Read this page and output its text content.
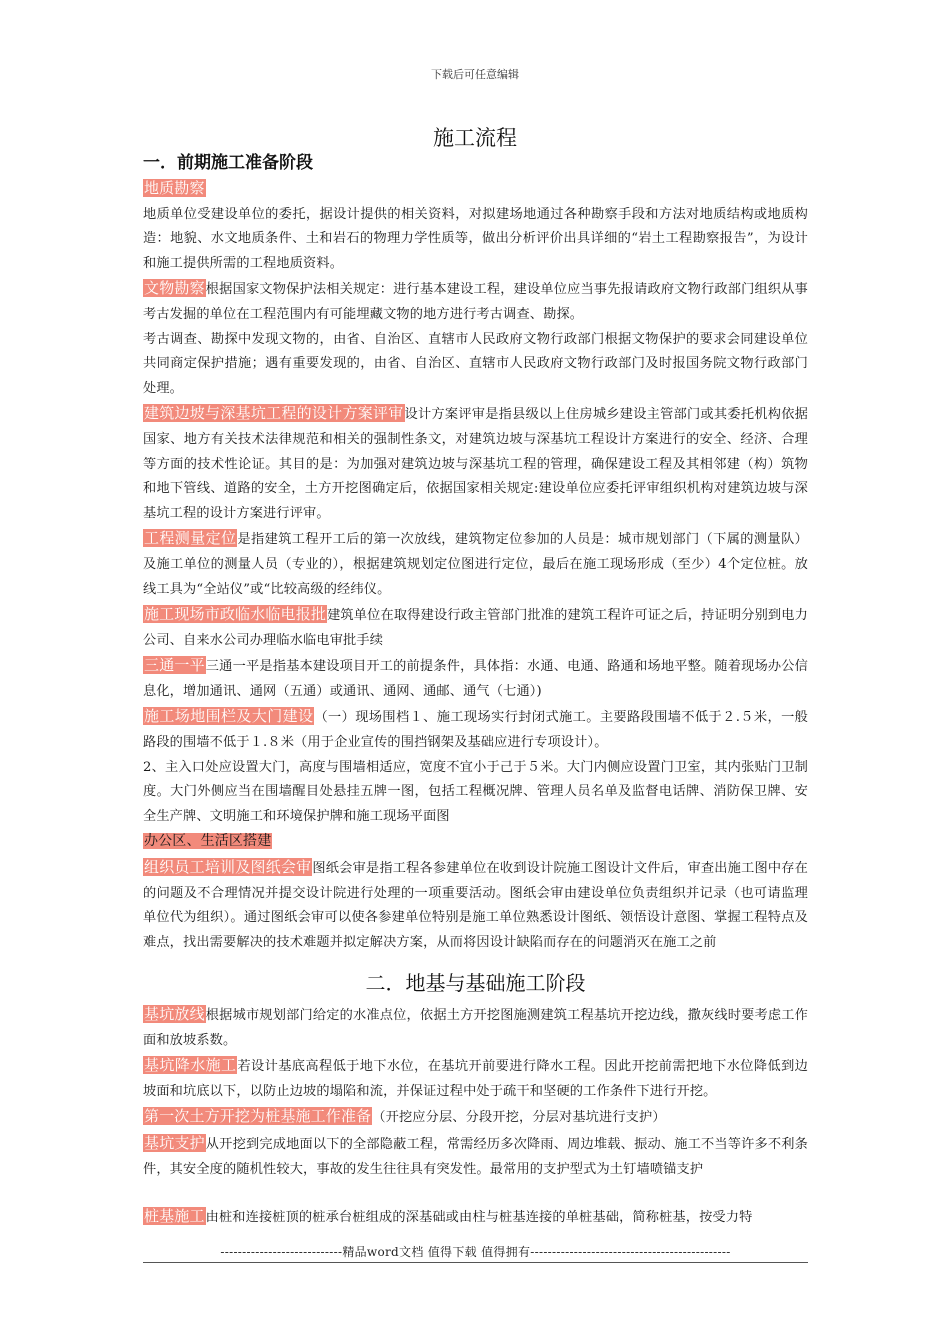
下载后可任意编辑
施工流程
一．前期施工准备阶段
地质勘察
地质单位受建设单位的委托，据设计提供的相关资料，对拟建场地通过各种勘察手段和方法对地质结构或地质构造：地貌、水文地质条件、土和岩石的物理力学性质等，做出分析评价出具详细的“岩土工程勘察报告”，为设计和施工提供所需的工程地质资料。
文物勘察根据国家文物保护法相关规定：进行基本建设工程，建设单位应当事先报请政府文物行政部门组织从事考古发掘的单位在工程范围内有可能埋藏文物的地方进行考古调查、勘探。
考古调查、勘探中发现文物的，由省、自治区、直辖市人民政府文物行政部门根据文物保护的要求会同建设单位共同商定保护措施；遇有重要发现的，由省、自治区、直辖市人民政府文物行政部门及时报国务院文物行政部门处理。
建筑边坡与深基坑工程的设计方案评审设计方案评审是指县级以上住房城乡建设主管部门或其委托机构依据国家、地方有关技术法律规范和相关的强制性条文，对建筑边坡与深基坑工程设计方案进行的安全、经济、合理等方面的技术性论证。其目的是：为加强对建筑边坡与深基坑工程的管理，确保建设工程及其相邻建（构）筑物和地下管线、道路的安全，土方开挖图确定后，依据国家相关规定:建设单位应委托评审组织机构对建筑边坡与深基坑工程的设计方案进行评审。
工程测量定位是指建筑工程开工后的第一次放线，建筑物定位参加的人员是：城市规划部门（下属的测量队）及施工单位的测量人员（专业的），根据建筑规划定位图进行定位，最后在施工现场形成（至少）4个定位桩。放线工具为“全站仪”或“比较高级的经纬仪。
施工现场市政临水临电报批建筑单位在取得建设行政主管部门批准的建筑工程许可证之后，持证明分别到电力公司、自来水公司办理临水临电审批手续
三通一平三通一平是指基本建设项目开工的前提条件，具体指：水通、电通、路通和场地平整。随着现场办公信息化，增加通讯、通网（五通）或通讯、通网、通邮、通气（七通）)
施工场地围栏及大门建设（一）现场围档１、施工现场实行封闭式施工。主要路段围墙不低于２.５米，一般路段的围墙不低于１.８米（用于企业宣传的围挡钢架及基础应进行专项设计）。
2、主入口处应设置大门，高度与围墙相适应，宽度不宜小于己于５米。大门内侧应设置门卫室，其内张贴门卫制度。大门外侧应当在围墙醒目处悬挂五牌一图，包括工程概况牌、管理人员名单及监督电话牌、消防保卫牌、安全生产牌、文明施工和环境保护牌和施工现场平面图
办公区、生活区搭建
组织员工培训及图纸会审图纸会审是指工程各参建单位在收到设计院施工图设计文件后，审查出施工图中存在的问题及不合理情况并提交设计院进行处理的一项重要活动。图纸会审由建设单位负责组织并记录（也可请监理单位代为组织）。通过图纸会审可以使各参建单位特别是施工单位熟悉设计图纸、领悟设计意图、掌握工程特点及难点，找出需要解决的技术难题并拟定解决方案，从而将因设计缺陷而存在的问题消灭在施工之前
二．地基与基础施工阶段
基坑放线根据城市规划部门给定的水准点位，依据土方开挖图施测建筑工程基坑开挖边线，撒灰线时要考虑工作面和放坡系数。
基坑降水施工若设计基底高程低于地下水位，在基坑开前要进行降水工程。因此开挖前需把地下水位降低到边坡面和坑底以下，以防止边坡的塌陷和流，并保证过程中处于疏干和坚硬的工作条件下进行开挖。
第一次土方开挖为桩基施工作准备（开挖应分层、分段开挖，分层对基坑进行支护）
基坑支护从开挖到完成地面以下的全部隐蔽工程，常需经历多次降雨、周边堆载、振动、施工不当等许多不利条件，其安全度的随机性较大，事故的发生往往具有突发性。最常用的支护型式为土钉墙喷锚支护
桩基施工由桩和连接桩顶的桩承台桩组成的深基础或由柱与桩基连接的单桩基础，简称桩基，按受力特
----------------------------精品word文档 值得下载 值得拥有----------------------------------------------
